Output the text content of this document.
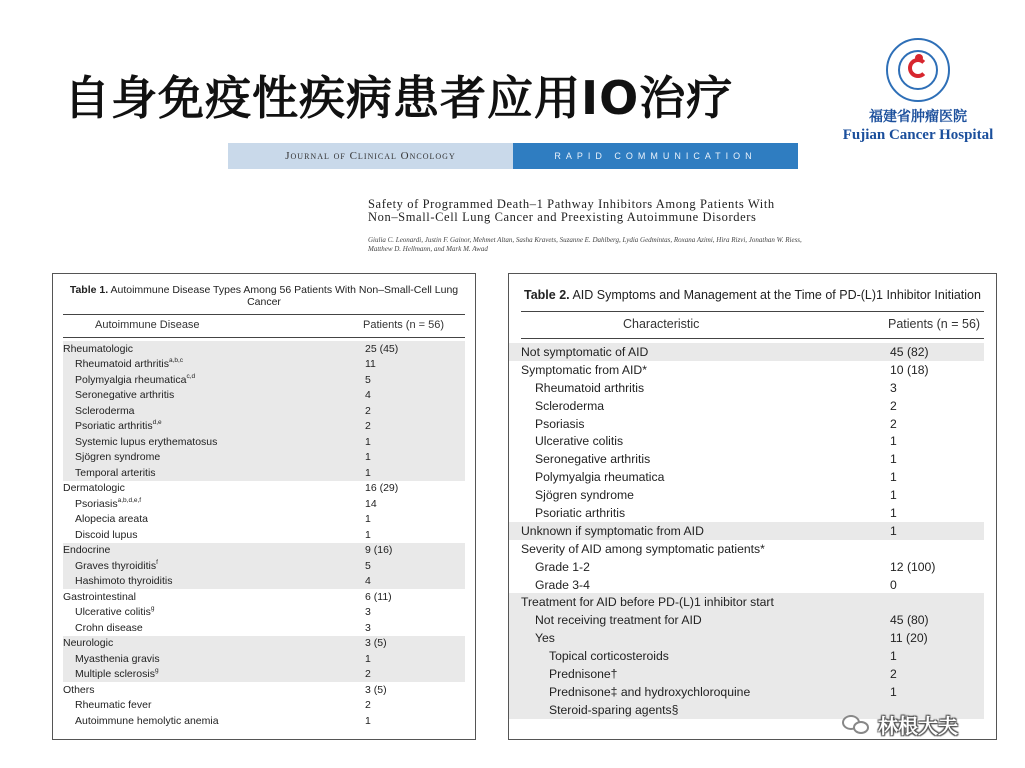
自身免疫性疾病患者应用IO治疗	福建省肿瘤医院
Fujian Cancer Hospital
Journal of Clinical Oncology	RAPID COMMUNICATION
Safety of Programmed Death–1 Pathway Inhibitors Among Patients With Non–Small-Cell Lung Cancer and Preexisting Autoimmune Disorders
Giulia C. Leonardi, Justin F. Gainor, Mehmet Altan, Sasha Kravets, Suzanne E. Dahlberg, Lydia Gedmintas, Roxana Azimi, Hira Rizvi, Jonathan W. Riess, Matthew D. Hellmann, and Mark M. Awad
Table 1. Autoimmune Disease Types Among 56 Patients With Non–Small-Cell Lung Cancer
Autoimmune Disease	Patients (n = 56)
Rheumatologic	25 (45)
Rheumatoid arthritis$^{a,b,c}$	11
Polymyalgia rheumatica$^{c,d}$	5
Seronegative arthritis	4
Scleroderma	2
Psoriatic arthritis$^{d,e}$	2
Systemic lupus erythematosus	1
Sjögren syndrome	1
Temporal arteritis	1
Dermatologic	16 (29)
Psoriasis$^{a,b,d,e,f}$	14
Alopecia areata	1
Discoid lupus	1
Endocrine	9 (16)
Graves thyroiditis$^f$	5
Hashimoto thyroiditis	4
Gastrointestinal	6 (11)
Ulcerative colitis$^g$	3
Crohn disease	3
Neurologic	3 (5)
Myasthenia gravis	1
Multiple sclerosis$^g$	2
Others	3 (5)
Rheumatic fever	2
Autoimmune hemolytic anemia	1
Table 2. AID Symptoms and Management at the Time of PD-(L)1 Inhibitor Initiation
Characteristic	Patients (n = 56)
Not symptomatic of AID	45 (82)
Symptomatic from AID*	10 (18)
Rheumatoid arthritis	3
Scleroderma	2
Psoriasis	2
Ulcerative colitis	1
Seronegative arthritis	1
Polymyalgia rheumatica	1
Sjögren syndrome	1
Psoriatic arthritis	1
Unknown if symptomatic from AID	1
Severity of AID among symptomatic patients*
Grade 1-2	12 (100)
Grade 3-4	0
Treatment for AID before PD-(L)1 inhibitor start
Not receiving treatment for AID	45 (80)
Yes	11 (20)
Topical corticosteroids	1
Prednisone†	2
Prednisone‡ and hydroxychloroquine	1
Steroid-sparing agents§
林根大夫
